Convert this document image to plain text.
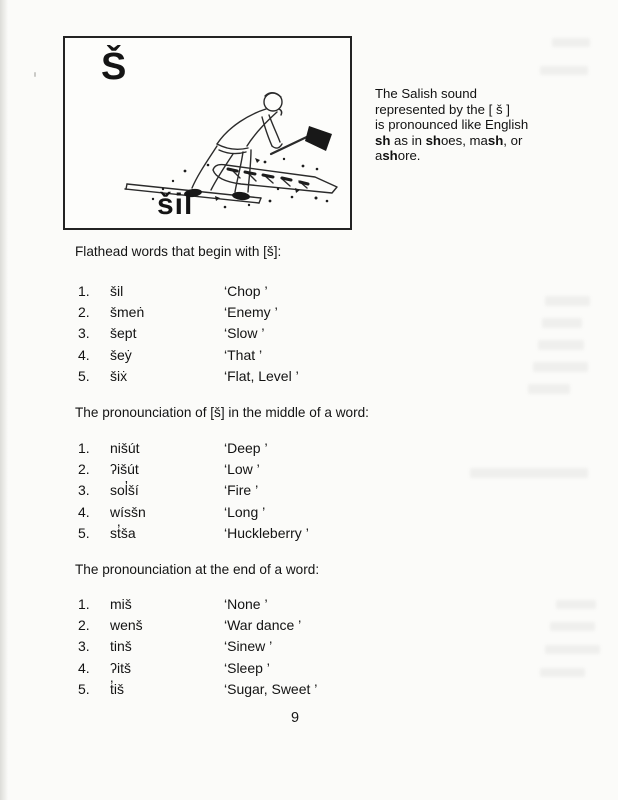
Š
šil
The Salish sound
represented by the [ š ]
is pronounced like English
sh as in shoes, mash, or
ashore.
Flathead words that begin with [š]:
1.	šil	‘Chop ’
2.	šmeṅ	‘Enemy ’
3.	šept	‘Slow ’
4.	šeẏ	‘That ’
5.	šiẋ	‘Flat, Level ’
The pronounciation of [š] in the middle of a word:
1.	nišút	‘Deep ’
2.	ʔišút	‘Low ’
3.	sol̓ší	‘Fire ’
4.	wísšn	‘Long ’
5.	st̓ša	‘Huckleberry ’
The pronounciation at the end of a word:
1.	miš	‘None ’
2.	wenš	‘War dance ’
3.	tinš	‘Sinew ’
4.	ʔitš	‘Sleep ’
5.	t̓iš	‘Sugar, Sweet ’
9
